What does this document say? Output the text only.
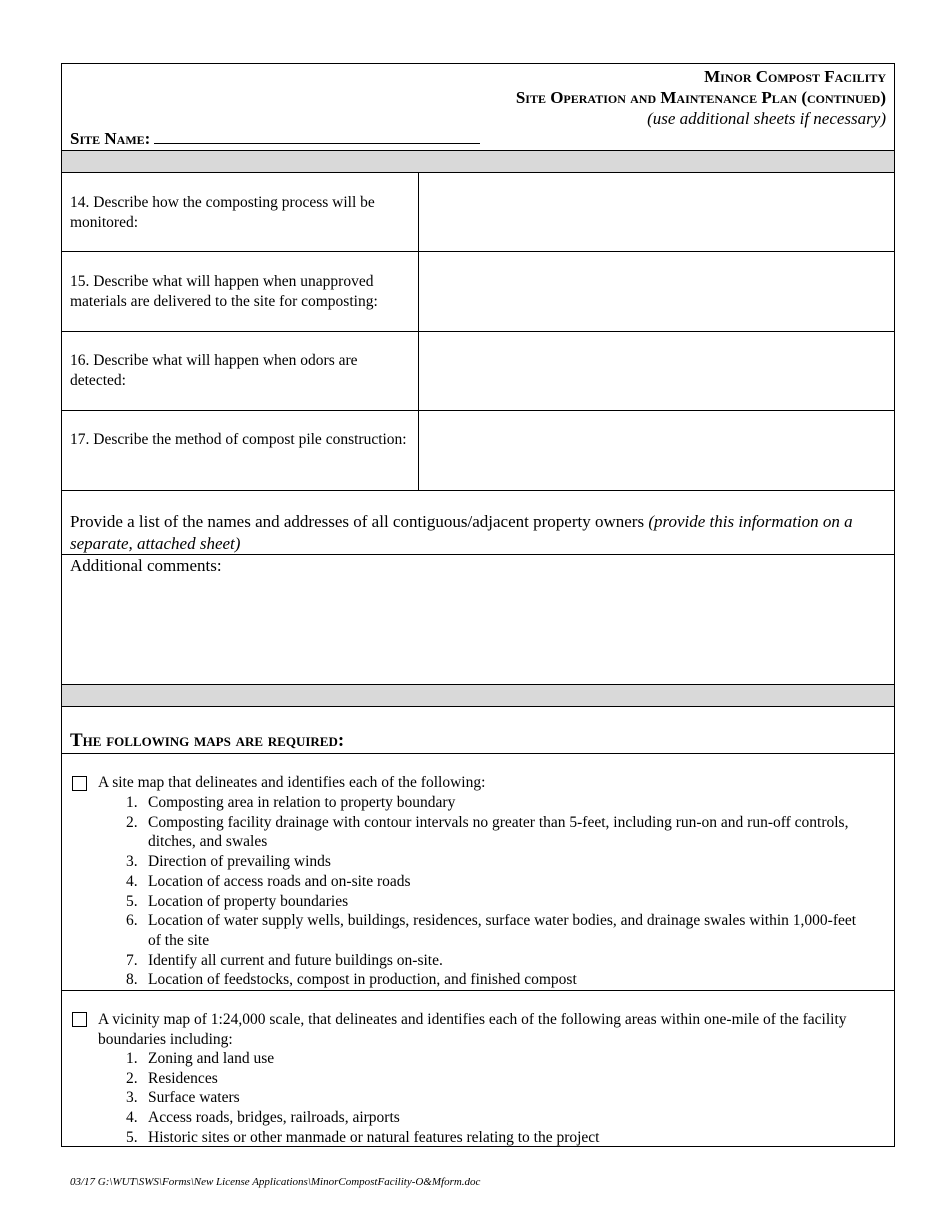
Minor Compost Facility
Site Operation and Maintenance Plan (continued)
(use additional sheets if necessary)
Site Name:
14. Describe how the composting process will be monitored:
15. Describe what will happen when unapproved materials are delivered to the site for composting:
16. Describe what will happen when odors are detected:
17. Describe the method of compost pile construction:
Provide a list of the names and addresses of all contiguous/adjacent property owners (provide this information on a separate, attached sheet)
Additional comments:
The following maps are required:
A site map that delineates and identifies each of the following:
1. Composting area in relation to property boundary
2. Composting facility drainage with contour intervals no greater than 5-feet, including run-on and run-off controls, ditches, and swales
3. Direction of prevailing winds
4. Location of access roads and on-site roads
5. Location of property boundaries
6. Location of water supply wells, buildings, residences, surface water bodies, and drainage swales within 1,000-feet of the site
7. Identify all current and future buildings on-site.
8. Location of feedstocks, compost in production, and finished compost
A vicinity map of 1:24,000 scale, that delineates and identifies each of the following areas within one-mile of the facility boundaries including:
1. Zoning and land use
2. Residences
3. Surface waters
4. Access roads, bridges, railroads, airports
5. Historic sites or other manmade or natural features relating to the project
03/17 G:\WUT\SWS\Forms\New License Applications\MinorCompostFacility-O&Mform.doc
